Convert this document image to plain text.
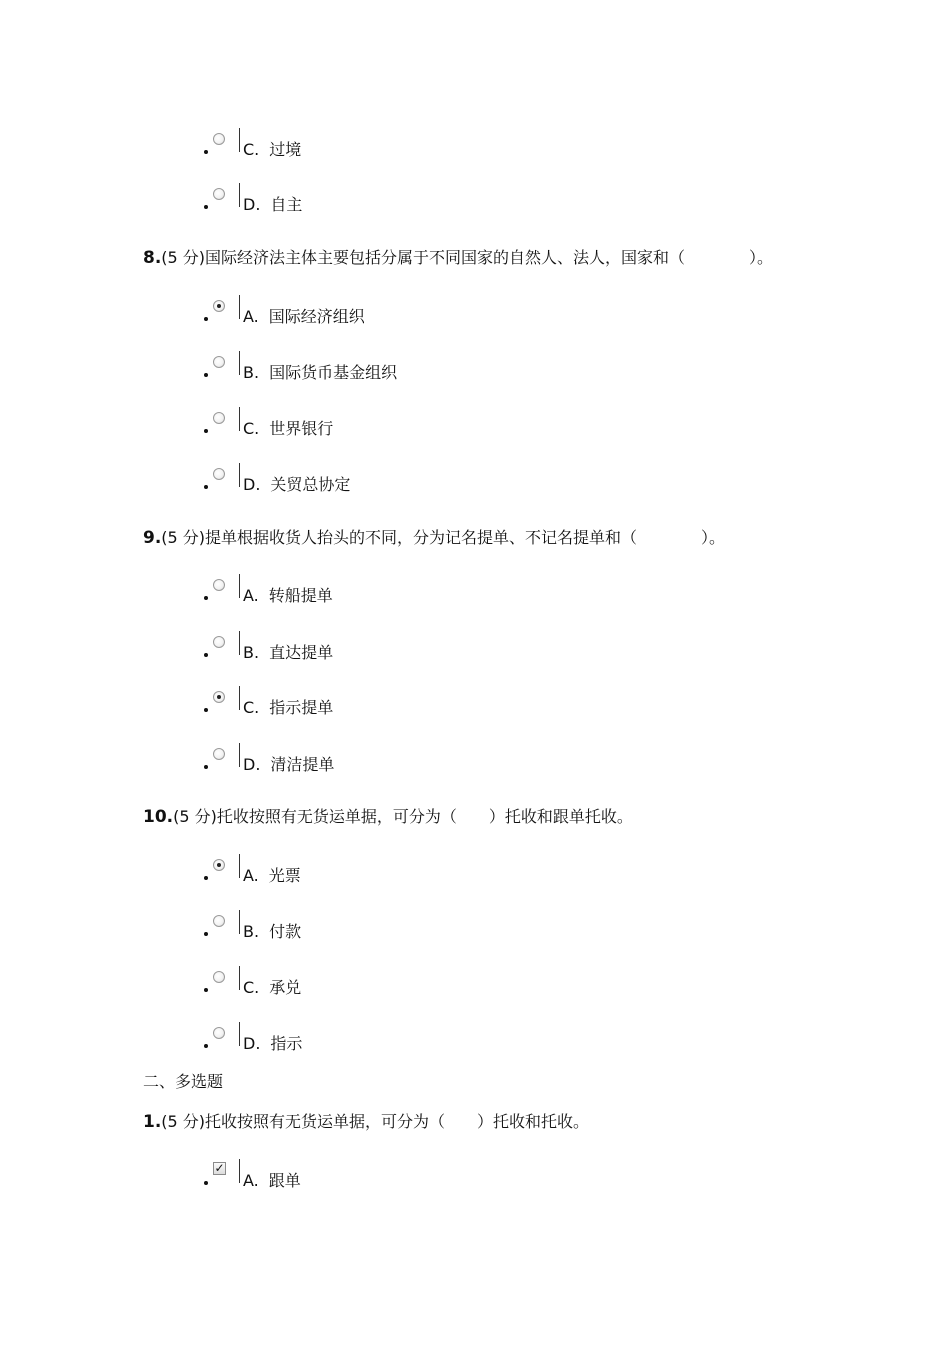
C. 过境
D. 自主
8.(5 分)国际经济法主体主要包括分属于不同国家的自然人、法人，国家和（　　　　）。
A. 国际经济组织
B. 国际货币基金组织
C. 世界银行
D. 关贸总协定
9.(5 分)提单根据收货人抬头的不同，分为记名提单、不记名提单和（　　　　）。
A. 转船提单
B. 直达提单
C. 指示提单
D. 清洁提单
10.(5 分)托收按照有无货运单据，可分为（　　）托收和跟单托收。
A. 光票
B. 付款
C. 承兑
D. 指示
二、多选题
1.(5 分)托收按照有无货运单据，可分为（　　）托收和托收。
✓
A. 跟单
